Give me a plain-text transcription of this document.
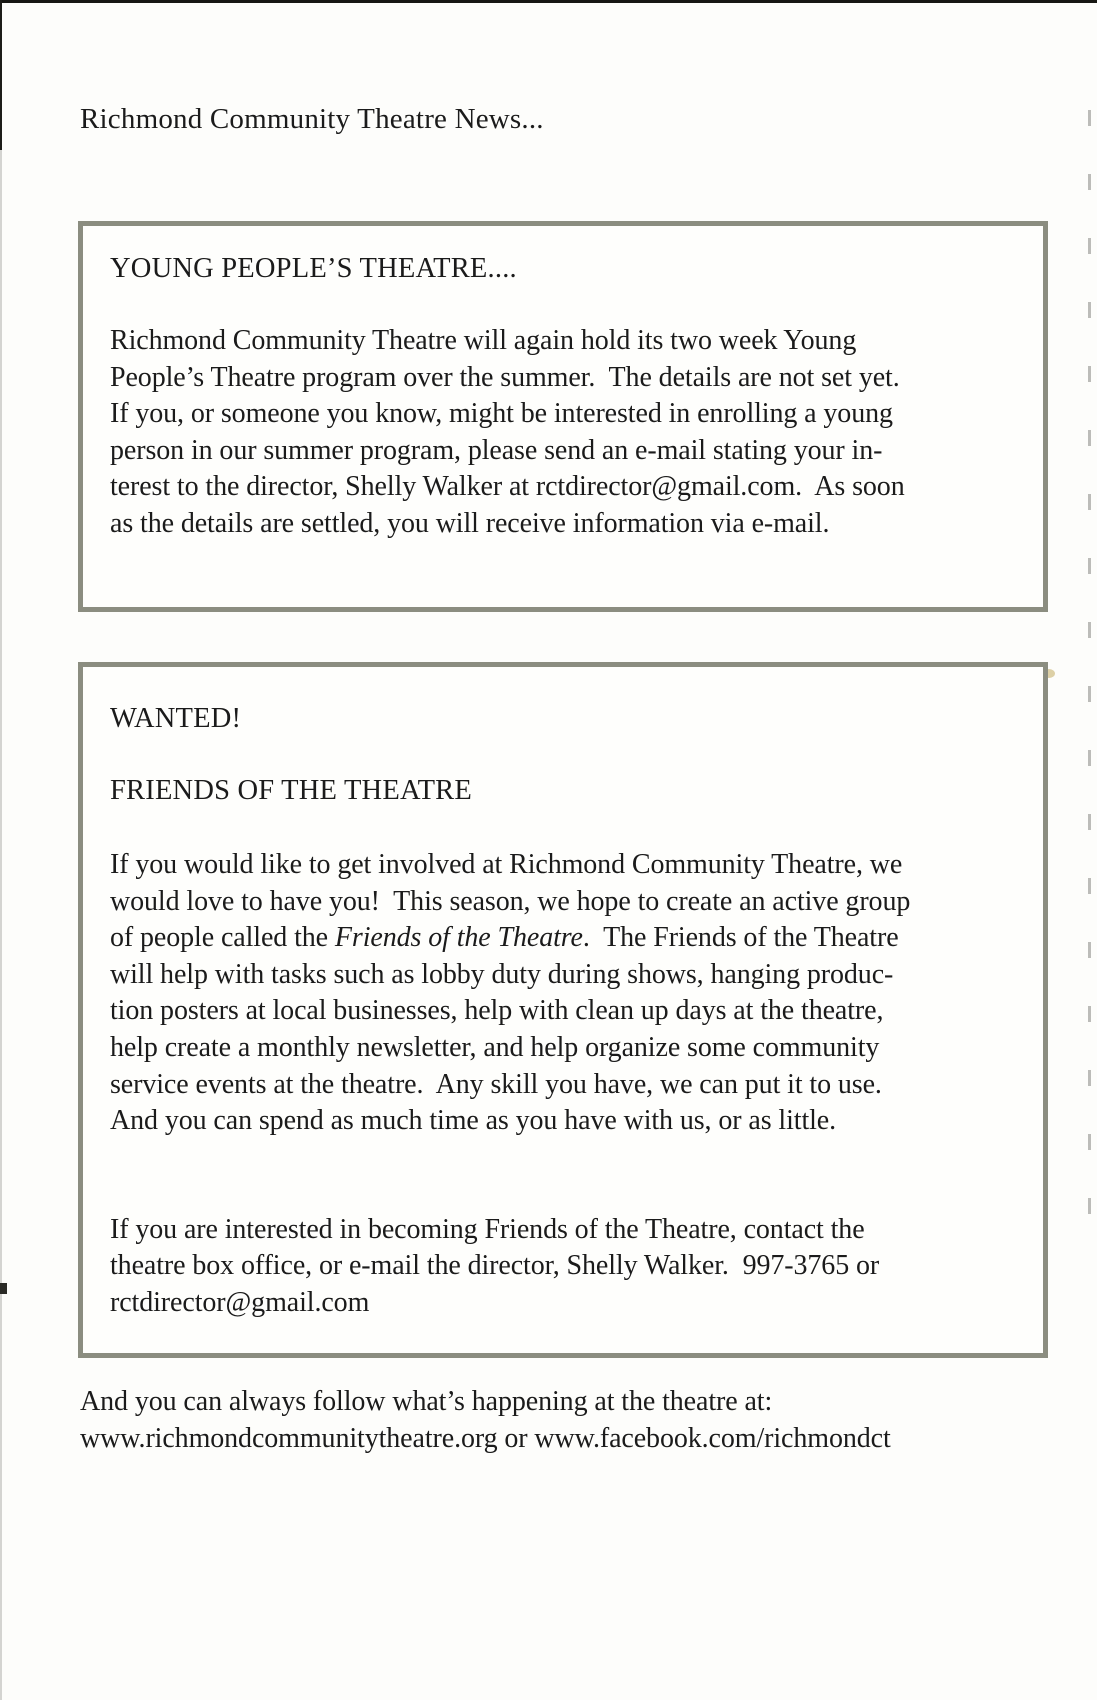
Richmond Community Theatre News...
YOUNG PEOPLE’S THEATRE....

Richmond Community Theatre will again hold its two week Young
People’s Theatre program over the summer.  The details are not set yet.
If you, or someone you know, might be interested in enrolling a young
person in our summer program, please send an e-mail stating your in-
terest to the director, Shelly Walker at rctdirector@gmail.com.  As soon
as the details are settled, you will receive information via e-mail.

WANTED!
FRIENDS OF THE THEATRE

If you would like to get involved at Richmond Community Theatre, we
would love to have you!  This season, we hope to create an active group
of people called the Friends of the Theatre.  The Friends of the Theatre
will help with tasks such as lobby duty during shows, hanging produc-
tion posters at local businesses, help with clean up days at the theatre,
help create a monthly newsletter, and help organize some community
service events at the theatre.  Any skill you have, we can put it to use.
And you can spend as much time as you have with us, or as little.

If you are interested in becoming Friends of the Theatre, contact the
theatre box office, or e-mail the director, Shelly Walker.  997-3765 or
rctdirector@gmail.com

And you can always follow what’s happening at the theatre at:
www.richmondcommunitytheatre.org or www.facebook.com/richmondct
